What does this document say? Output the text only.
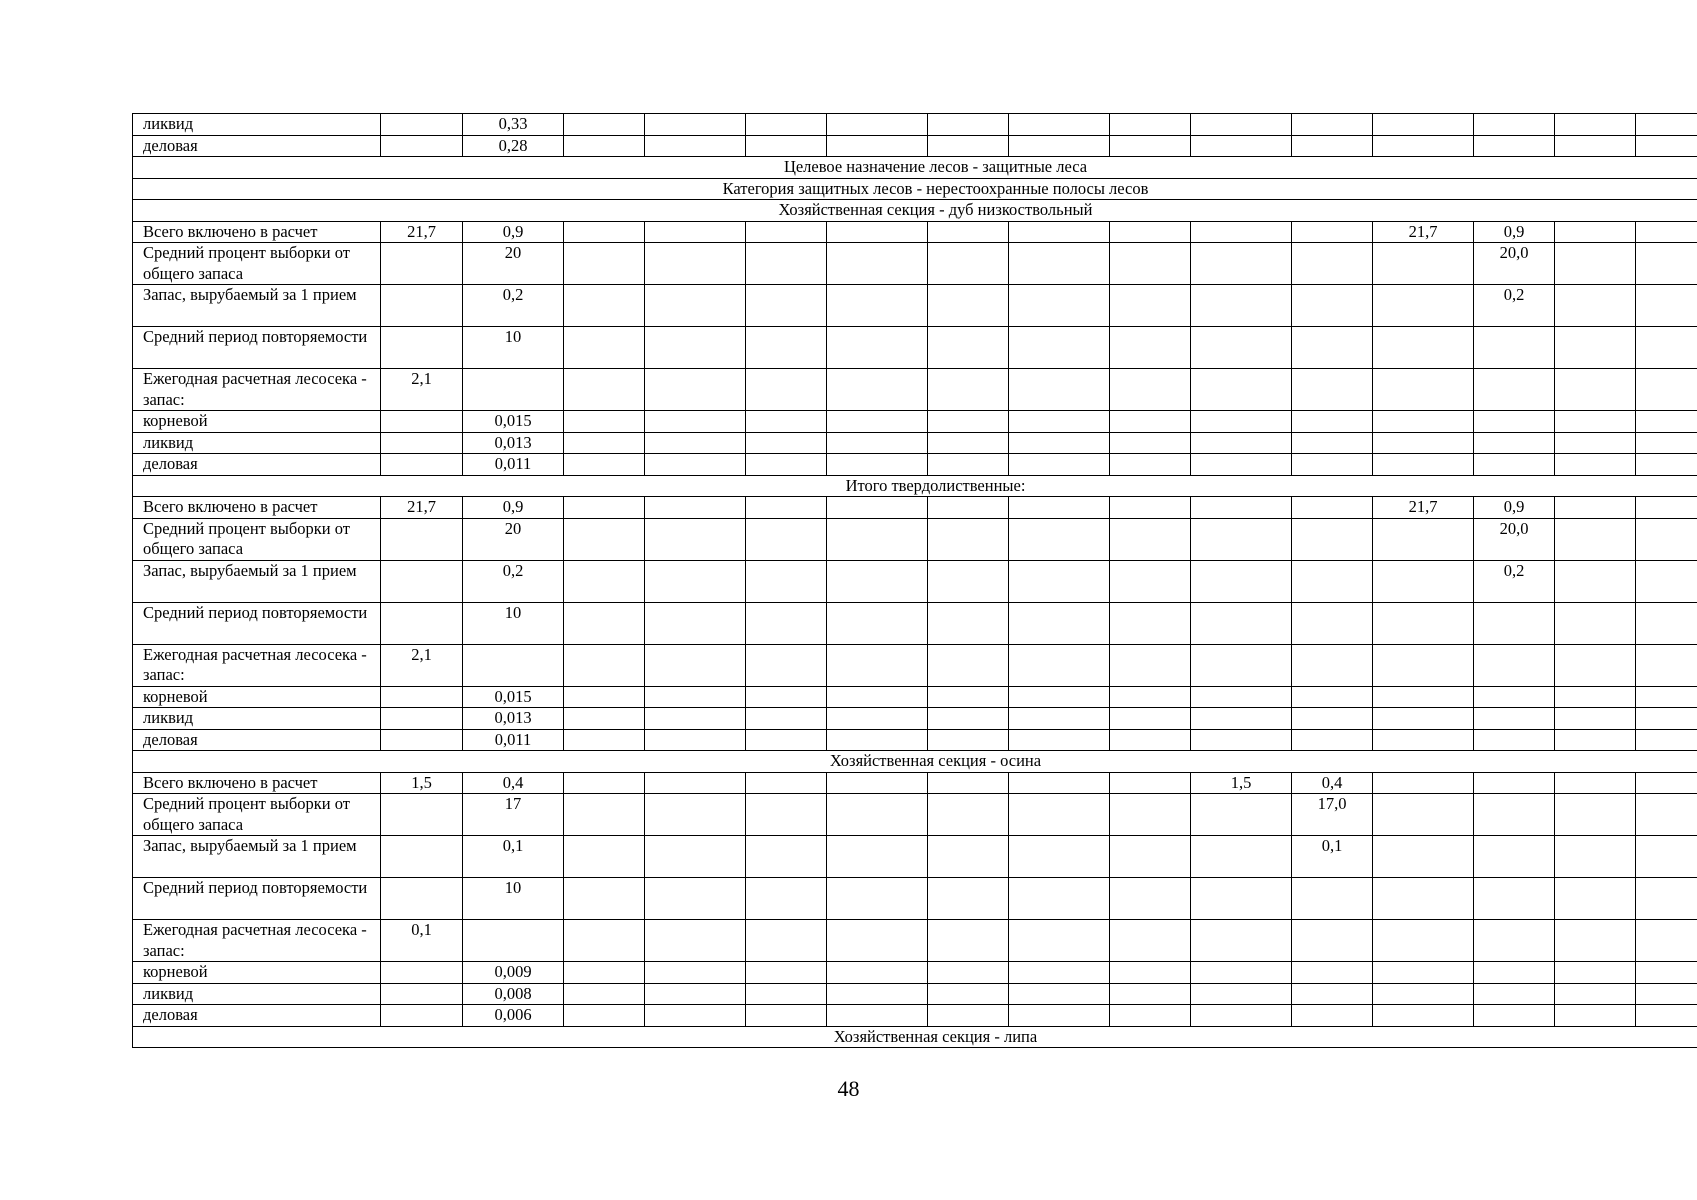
ликвид		0,33													
деловая		0,28													
Целевое назначение лесов - защитные леса															
Категория защитных лесов - нерестоохранные полосы лесов															
Хозяйственная секция - дуб низкоствольный															
Всего включено в расчет	21,7	0,9										21,7	0,9		
Средний процент выборки от общего запаса		20											20,0		
Запас, вырубаемый за 1 прием		0,2											0,2		
Средний период повторяемости		10													
Ежегодная расчетная лесосека - запас:	2,1														
корневой		0,015													
ликвид		0,013													
деловая		0,011													
Итого твердолиственные:															
Всего включено в расчет	21,7	0,9										21,7	0,9		
Средний процент выборки от общего запаса		20											20,0		
Запас, вырубаемый за 1 прием		0,2											0,2		
Средний период повторяемости		10													
Ежегодная расчетная лесосека - запас:	2,1														
корневой		0,015													
ликвид		0,013													
деловая		0,011													
Хозяйственная секция - осина															
Всего включено в расчет	1,5	0,4								1,5	0,4				
Средний процент выборки от общего запаса		17									17,0				
Запас, вырубаемый за 1 прием		0,1									0,1				
Средний период повторяемости		10													
Ежегодная расчетная лесосека - запас:	0,1														
корневой		0,009													
ликвид		0,008													
деловая		0,006													
Хозяйственная секция - липа															
48
